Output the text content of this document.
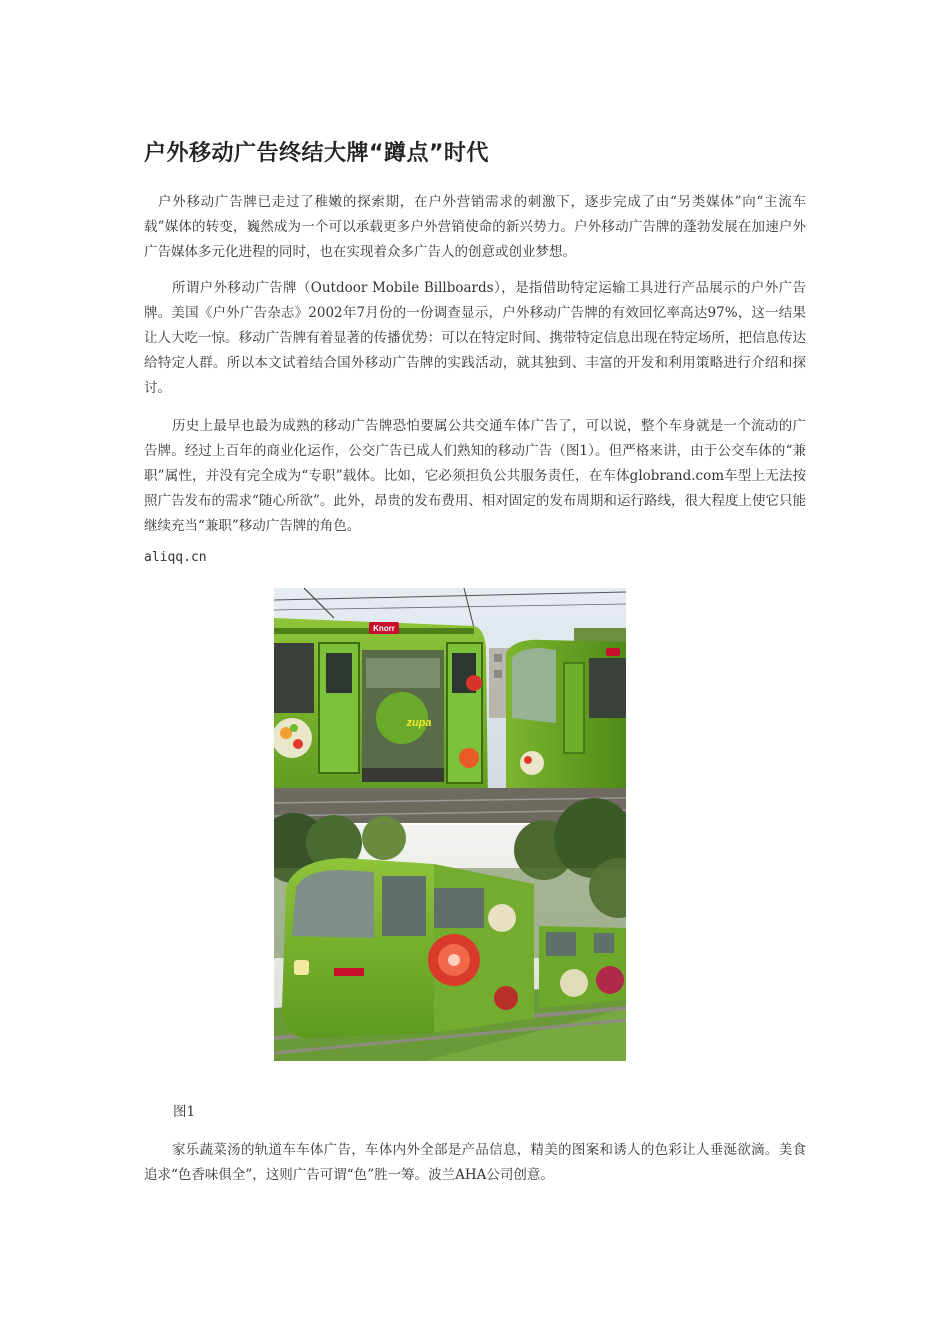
户外移动广告终结大牌“蹲点”时代

户外移动广告牌已走过了稚嫩的探索期，在户外营销需求的刺激下，逐步完成了由“另类媒体”向“主流车载”媒体的转变，巍然成为一个可以承载更多户外营销使命的新兴势力。户外移动广告牌的蓬勃发展在加速户外广告媒体多元化进程的同时，也在实现着众多广告人的创意或创业梦想。

所谓户外移动广告牌（Outdoor Mobile Billboards），是指借助特定运输工具进行产品展示的户外广告牌。美国《户外广告杂志》2002年7月份的一份调查显示，户外移动广告牌的有效回忆率高达97%，这一结果让人大吃一惊。移动广告牌有着显著的传播优势：可以在特定时间、携带特定信息出现在特定场所，把信息传达给特定人群。所以本文试着结合国外移动广告牌的实践活动，就其独到、丰富的开发和利用策略进行介绍和探讨。

历史上最早也最为成熟的移动广告牌恐怕要属公共交通车体广告了，可以说，整个车身就是一个流动的广告牌。经过上百年的商业化运作，公交广告已成人们熟知的移动广告（图1）。但严格来讲，由于公交车体的“兼职”属性，并没有完全成为“专职”载体。比如，它必须担负公共服务责任，在车体globrand.com车型上无法按照广告发布的需求“随心所欲”。此外，昂贵的发布费用、相对固定的发布周期和运行路线，很大程度上使它只能继续充当“兼职”移动广告牌的角色。

aliqq.cn
Knorr
zupa
图1

家乐蔬菜汤的轨道车车体广告，车体内外全部是产品信息，精美的图案和诱人的色彩让人垂涎欲滴。美食追求“色香味俱全”，这则广告可谓“色”胜一筹。波兰AHA公司创意。
